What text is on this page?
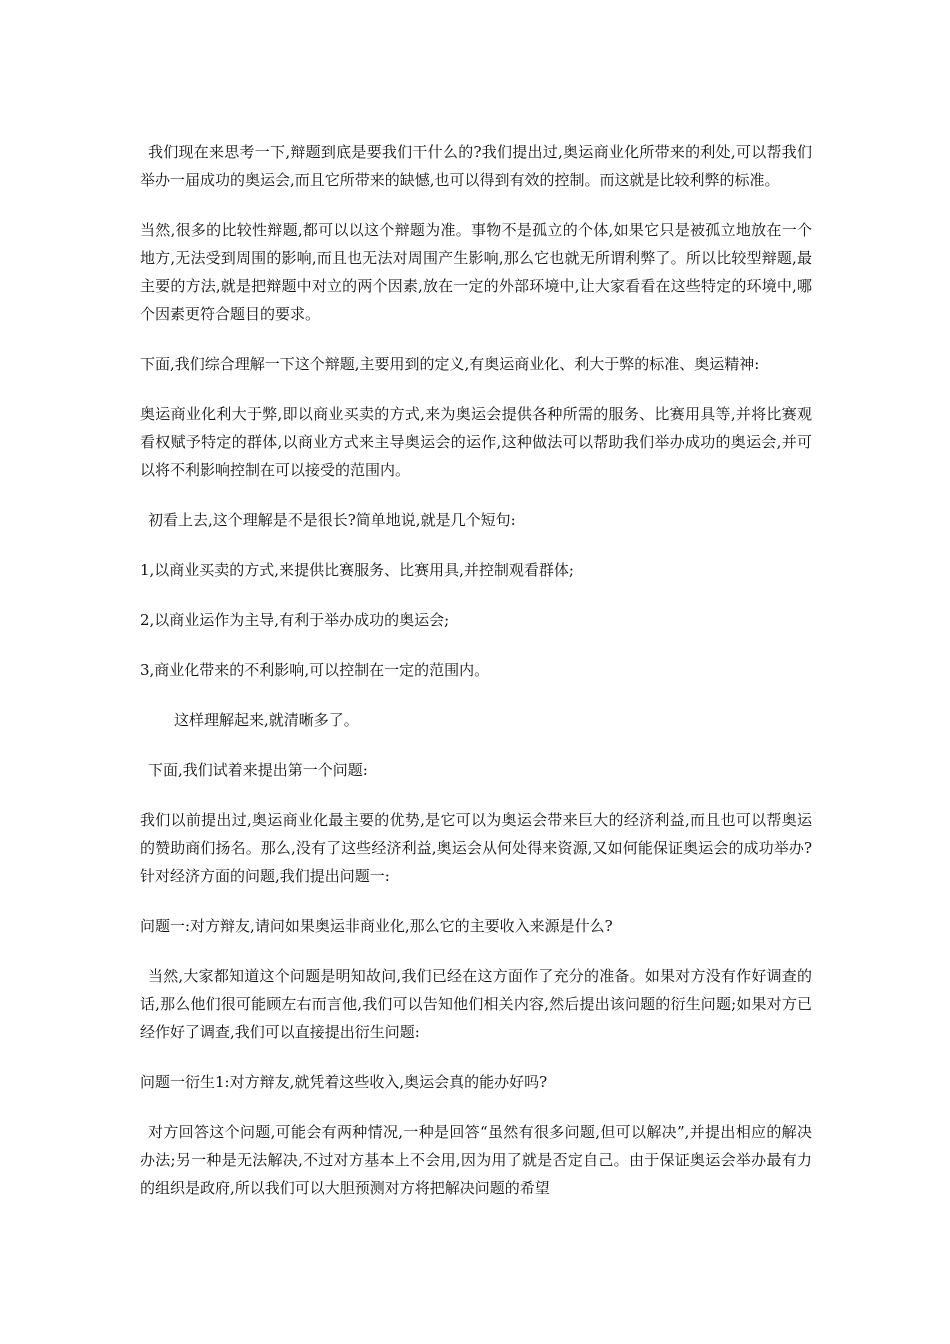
我们现在来思考一下,辩题到底是要我们干什么的?我们提出过,奥运商业化所带来的利处,可以帮我们举办一届成功的奥运会,而且它所带来的缺憾,也可以得到有效的控制。而这就是比较利弊的标准。

当然,很多的比较性辩题,都可以以这个辩题为准。事物不是孤立的个体,如果它只是被孤立地放在一个地方,无法受到周围的影响,而且也无法对周围产生影响,那么它也就无所谓利弊了。所以比较型辩题,最主要的方法,就是把辩题中对立的两个因素,放在一定的外部环境中,让大家看看在这些特定的环境中,哪个因素更符合题目的要求。

下面,我们综合理解一下这个辩题,主要用到的定义,有奥运商业化、利大于弊的标准、奥运精神:

奥运商业化利大于弊,即以商业买卖的方式,来为奥运会提供各种所需的服务、比赛用具等,并将比赛观看权赋予特定的群体,以商业方式来主导奥运会的运作,这种做法可以帮助我们举办成功的奥运会,并可以将不利影响控制在可以接受的范围内。

初看上去,这个理解是不是很长?简单地说,就是几个短句:

1,以商业买卖的方式,来提供比赛服务、比赛用具,并控制观看群体;

2,以商业运作为主导,有利于举办成功的奥运会;

3,商业化带来的不利影响,可以控制在一定的范围内。

这样理解起来,就清晰多了。

下面,我们试着来提出第一个问题:

我们以前提出过,奥运商业化最主要的优势,是它可以为奥运会带来巨大的经济利益,而且也可以帮奥运的赞助商们扬名。那么,没有了这些经济利益,奥运会从何处得来资源,又如何能保证奥运会的成功举办?针对经济方面的问题,我们提出问题一:

问题一:对方辩友,请问如果奥运非商业化,那么它的主要收入来源是什么?

当然,大家都知道这个问题是明知故问,我们已经在这方面作了充分的准备。如果对方没有作好调查的话,那么他们很可能顾左右而言他,我们可以告知他们相关内容,然后提出该问题的衍生问题;如果对方已经作好了调查,我们可以直接提出衍生问题:

问题一衍生1:对方辩友,就凭着这些收入,奥运会真的能办好吗?

对方回答这个问题,可能会有两种情况,一种是回答“虽然有很多问题,但可以解决”,并提出相应的解决办法;另一种是无法解决,不过对方基本上不会用,因为用了就是否定自己。由于保证奥运会举办最有力的组织是政府,所以我们可以大胆预测对方将把解决问题的希望
